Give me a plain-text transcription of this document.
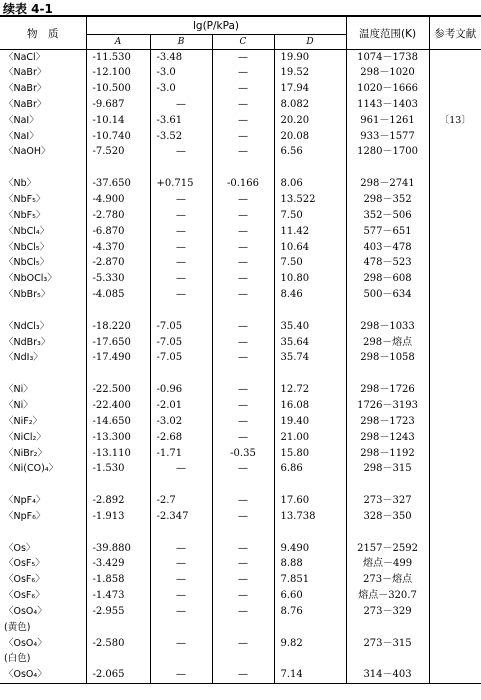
续表 4-1
物　质	lg(P/kPa)				温度范围(K)	参考文献
	A	B	C	D		
〈NaCl〉	-11.530	-3.48	—	19.90	1074－1738	
〈NaBr〉	-12.100	-3.0	—	19.52	298－1020	
〈NaBr〉	-10.500	-3.0	—	17.94	1020－1666	
〈NaBr〉	-9.687	—	—	8.082	1143－1403	
〈NaI〉	-10.14	-3.61	—	20.20	961－1261	〔13〕
〈NaI〉	-10.740	-3.52	—	20.08	933－1577	
〈NaOH〉	-7.520	—	—	6.56	1280－1700	

〈Nb〉	-37.650	+0.715	-0.166	8.06	298－2741	
〈NbF₅〉	-4.900	—	—	13.522	298－352	
〈NbF₅〉	-2.780	—	—	7.50	352－506	
〈NbCl₄〉	-6.870	—	—	11.42	577－651	
〈NbCl₅〉	-4.370	—	—	10.64	403－478	
〈NbCl₅〉	-2.870	—	—	7.50	478－523	
〈NbOCl₃〉	-5.330	—	—	10.80	298－608	
〈NbBr₅〉	-4.085	—	—	8.46	500－634	

〈NdCl₃〉	-18.220	-7.05	—	35.40	298－1033	
〈NdBr₃〉	-17.650	-7.05	—	35.64	298－熔点	
〈NdI₃〉	-17.490	-7.05	—	35.74	298－1058	

〈Ni〉	-22.500	-0.96	—	12.72	298－1726	
〈Ni〉	-22.400	-2.01	—	16.08	1726－3193	
〈NiF₂〉	-14.650	-3.02	—	19.40	298－1723	
〈NiCl₂〉	-13.300	-2.68	—	21.00	298－1243	
〈NiBr₂〉	-13.110	-1.71	-0.35	15.80	298－1192	
〈Ni(CO)₄〉	-1.530	—	—	6.86	298－315	

〈NpF₄〉	-2.892	-2.7	—	17.60	273－327	
〈NpF₆〉	-1.913	-2.347	—	13.738	328－350	

〈Os〉	-39.880	—	—	9.490	2157－2592	
〈OsF₅〉	-3.429	—	—	8.88	熔点－499	
〈OsF₆〉	-1.858	—	—	7.851	273－熔点	
〈OsF₆〉	-1.473	—	—	6.60	熔点－320.7	
〈OsO₄〉	-2.955	—	—	8.76	273－329	
(黄色)						
〈OsO₄〉	-2.580	—	—	9.82	273－315	
(白色)						
〈OsO₄〉	-2.065	—	—	7.14	314－403	
